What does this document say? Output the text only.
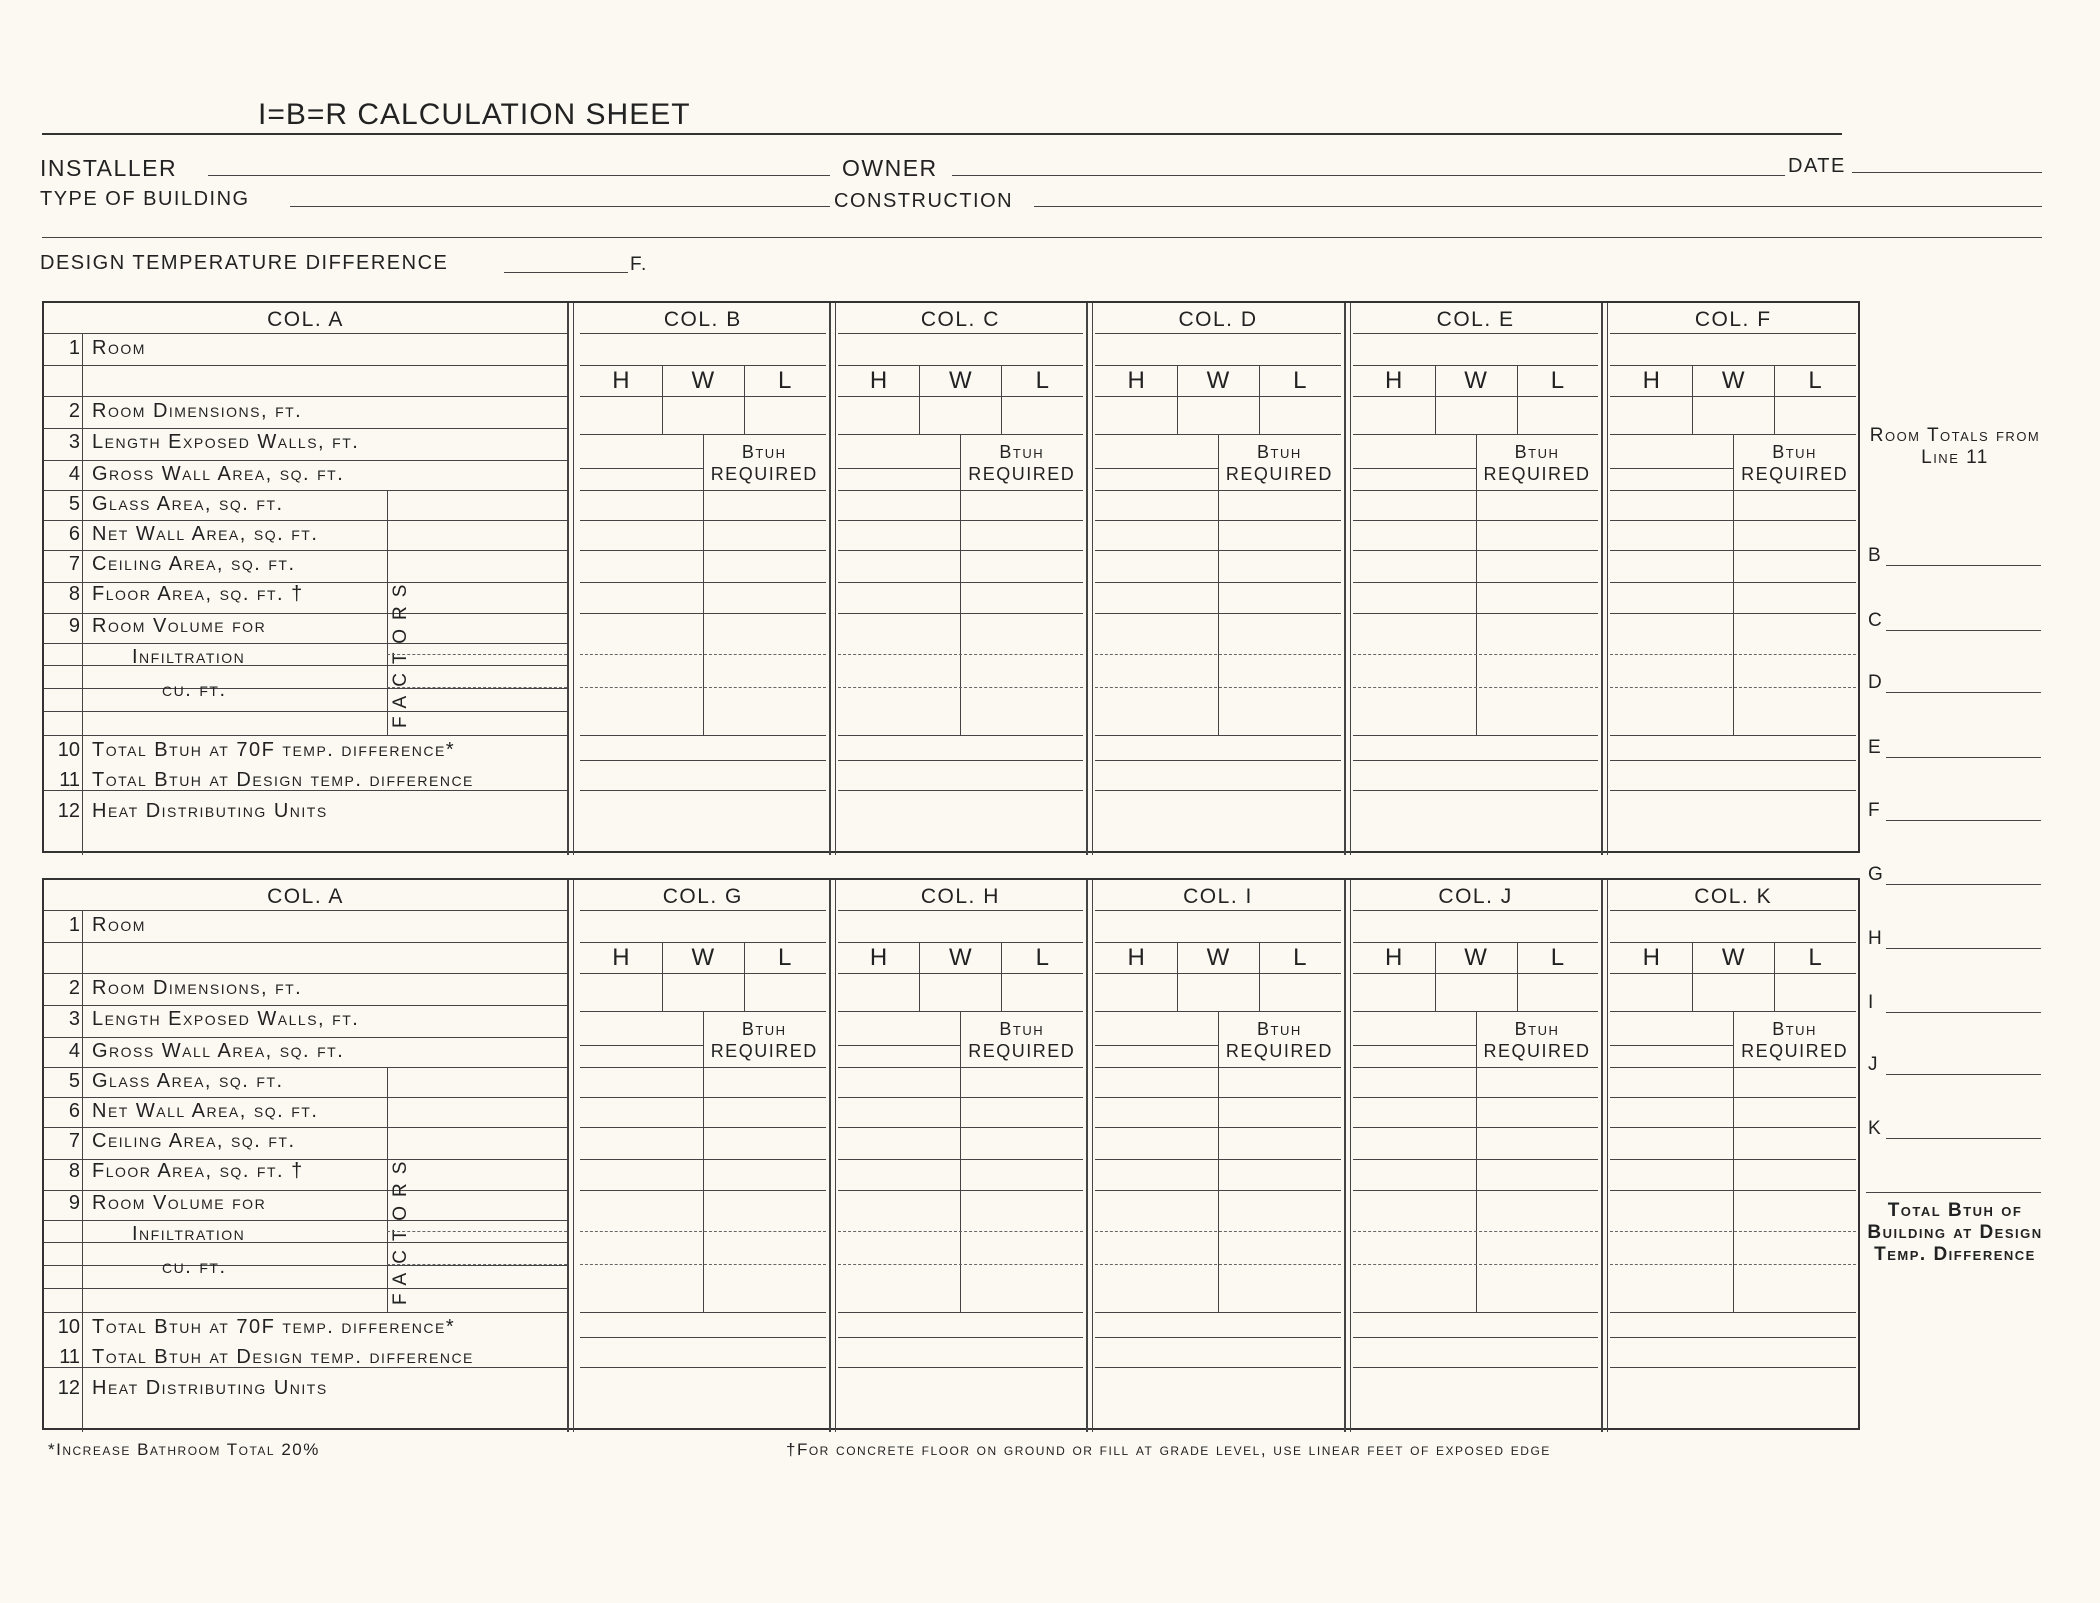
I=B=R CALCULATION SHEET
INSTALLER	OWNER	DATE
TYPE OF BUILDING	CONSTRUCTION
DESIGN TEMPERATURE DIFFERENCE	F.
COL. A
1 Room
2 Room Dimensions, ft.
3 Length Exposed Walls, ft.
4 Gross Wall Area, sq. ft.
5 Glass Area, sq. ft.
6 Net Wall Area, sq. ft.
7 Ceiling Area, sq. ft.
8 Floor Area, sq. ft. †
9 Room Volume for
10 Total Btuh at 70F temp. difference*
11 Total Btuh at Design temp. difference
12 Heat Distributing Units
Infiltration
cu. ft.	FACTORS
COL. B
H	W	L
Btuh
REQUIRED
COL. C
H	W	L
Btuh
REQUIRED
COL. D
H	W	L
Btuh
REQUIRED
COL. E
H	W	L
Btuh
REQUIRED
COL. F
H	W	L
Btuh
REQUIRED
COL. A
1 Room
2 Room Dimensions, ft.
3 Length Exposed Walls, ft.
4 Gross Wall Area, sq. ft.
5 Glass Area, sq. ft.
6 Net Wall Area, sq. ft.
7 Ceiling Area, sq. ft.
8 Floor Area, sq. ft. †
9 Room Volume for
10 Total Btuh at 70F temp. difference*
11 Total Btuh at Design temp. difference
12 Heat Distributing Units
Infiltration
cu. ft.	FACTORS
COL. G
H	W	L
Btuh
REQUIRED
COL. H
H	W	L
Btuh
REQUIRED
COL. I
H	W	L
Btuh
REQUIRED
COL. J
H	W	L
Btuh
REQUIRED
COL. K
H	W	L
Btuh
REQUIRED
Room Totals from Line 11
B
C
D
E
F
G
H
I
J
K
Total Btuh of Building at Design Temp. Difference
*Increase Bathroom Total 20%	†For concrete floor on ground or fill at grade level, use linear feet of exposed edge
